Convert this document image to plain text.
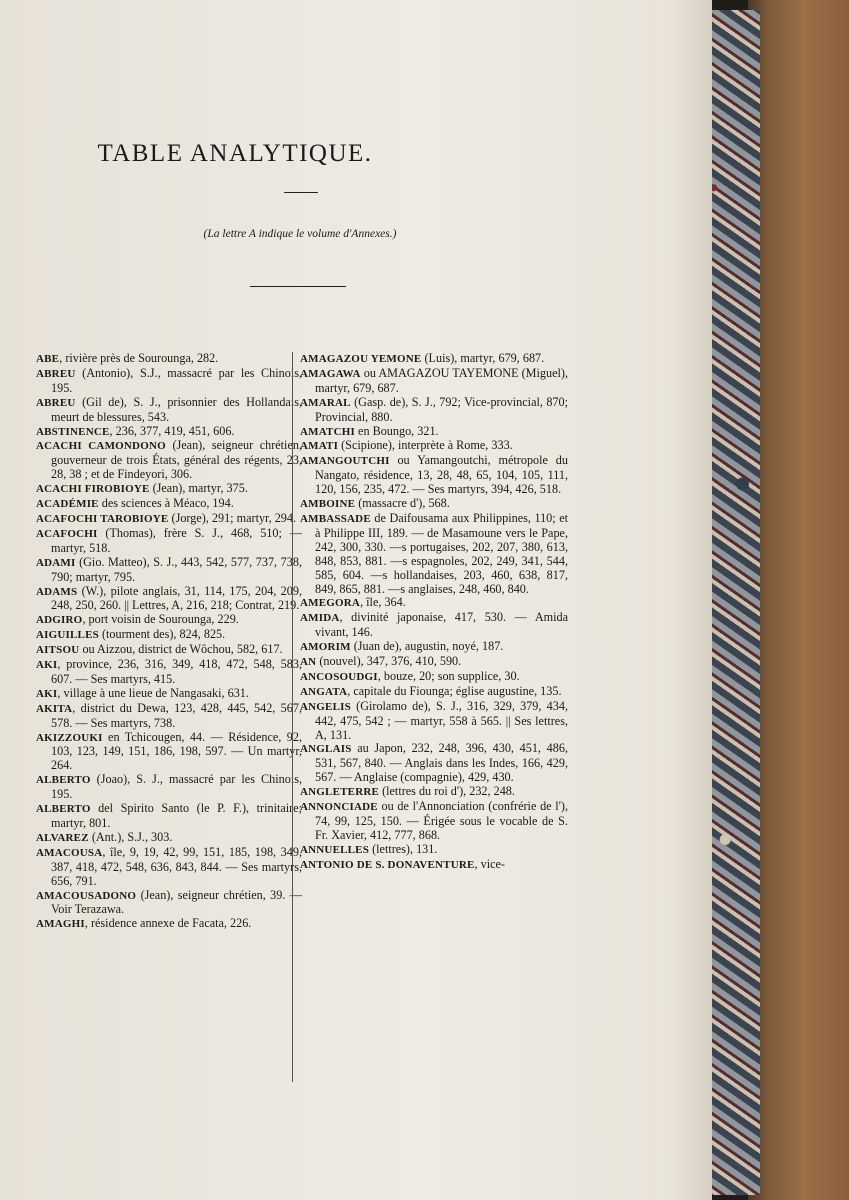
TABLE ANALYTIQUE.
(La lettre A indique le volume d'Annexes.)

ABE, rivière près de Sourounga, 282.

ABREU (Antonio), S.J., massacré par les Chinois, 195.

ABREU (Gil de), S. J., prisonnier des Hollandais, meurt de blessures, 543.

ABSTINENCE, 236, 377, 419, 451, 606.

ACACHI CAMONDONO (Jean), seigneur chrétien, gouverneur de trois États, général des régents, 23, 28, 38 ; et de Findeyori, 306.

ACACHI FIROBIOYE (Jean), martyr, 375.

ACADÉMIE des sciences à Méaco, 194.

ACAFOCHI TAROBIOYE (Jorge), 291; martyr, 294.

ACAFOCHI (Thomas), frère S. J., 468, 510; — martyr, 518.

ADAMI (Gio. Matteo), S. J., 443, 542, 577, 737, 738, 790; martyr, 795.

ADAMS (W.), pilote anglais, 31, 114, 175, 204, 209, 248, 250, 260. || Lettres, A, 216, 218; Contrat, 219.

ADGIRO, port voisin de Sourounga, 229.

AIGUILLES (tourment des), 824, 825.

AITSOU ou Aizzou, district de Wôchou, 582, 617.

AKI, province, 236, 316, 349, 418, 472, 548, 583, 607. — Ses martyrs, 415.

AKI, village à une lieue de Nangasaki, 631.

AKITA, district du Dewa, 123, 428, 445, 542, 567, 578. — Ses martyrs, 738.

AKIZZOUKI en Tchicougen, 44. — Résidence, 92, 103, 123, 149, 151, 186, 198, 597. — Un martyr, 264.

ALBERTO (Joao), S. J., massacré par les Chinois, 195.

ALBERTO del Spirito Santo (le P. F.), trinitaire; martyr, 801.

ALVAREZ (Ant.), S.J., 303.

AMACOUSA, île, 9, 19, 42, 99, 151, 185, 198, 349, 387, 418, 472, 548, 636, 843, 844. — Ses martyrs, 656, 791.

AMACOUSADONO (Jean), seigneur chrétien, 39. — Voir Terazawa.

AMAGHI, résidence annexe de Facata, 226.

AMAGAZOU YEMONE (Luis), martyr, 679, 687.

AMAGAWA ou AMAGAZOU TAYEMONE (Miguel), martyr, 679, 687.

AMARAL (Gasp. de), S. J., 792; Vice-provincial, 870; Provincial, 880.

AMATCHI en Boungo, 321.

AMATI (Scipione), interprète à Rome, 333.

AMANGOUTCHI ou Yamangoutchi, métropole du Nangato, résidence, 13, 28, 48, 65, 104, 105, 111, 120, 156, 235, 472. — Ses martyrs, 394, 426, 518.

AMBOINE (massacre d'), 568.

AMBASSADE de Daifousama aux Philippines, 110; et à Philippe III, 189. — de Masamoune vers le Pape, 242, 300, 330. —s portugaises, 202, 207, 380, 613, 848, 853, 881. —s espagnoles, 202, 249, 341, 544, 585, 604. —s hollandaises, 203, 460, 638, 817, 849, 865, 881. —s anglaises, 248, 460, 840.

AMEGORA, île, 364.

AMIDA, divinité japonaise, 417, 530. — Amida vivant, 146.

AMORIM (Juan de), augustin, noyé, 187.

AN (nouvel), 347, 376, 410, 590.

ANCOSOUDGI, bouze, 20; son supplice, 30.

ANGATA, capitale du Fiounga; église augustine, 135.

ANGELIS (Girolamo de), S. J., 316, 329, 379, 434, 442, 475, 542 ; — martyr, 558 à 565. || Ses lettres, A, 131.

ANGLAIS au Japon, 232, 248, 396, 430, 451, 486, 531, 567, 840. — Anglais dans les Indes, 166, 429, 567. — Anglaise (compagnie), 429, 430.

ANGLETERRE (lettres du roi d'), 232, 248.

ANNONCIADE ou de l'Annonciation (confrérie de l'), 74, 99, 125, 150. — Érigée sous le vocable de S. Fr. Xavier, 412, 777, 868.

ANNUELLES (lettres), 131.

ANTONIO DE S. DONAVENTURE, vice-
